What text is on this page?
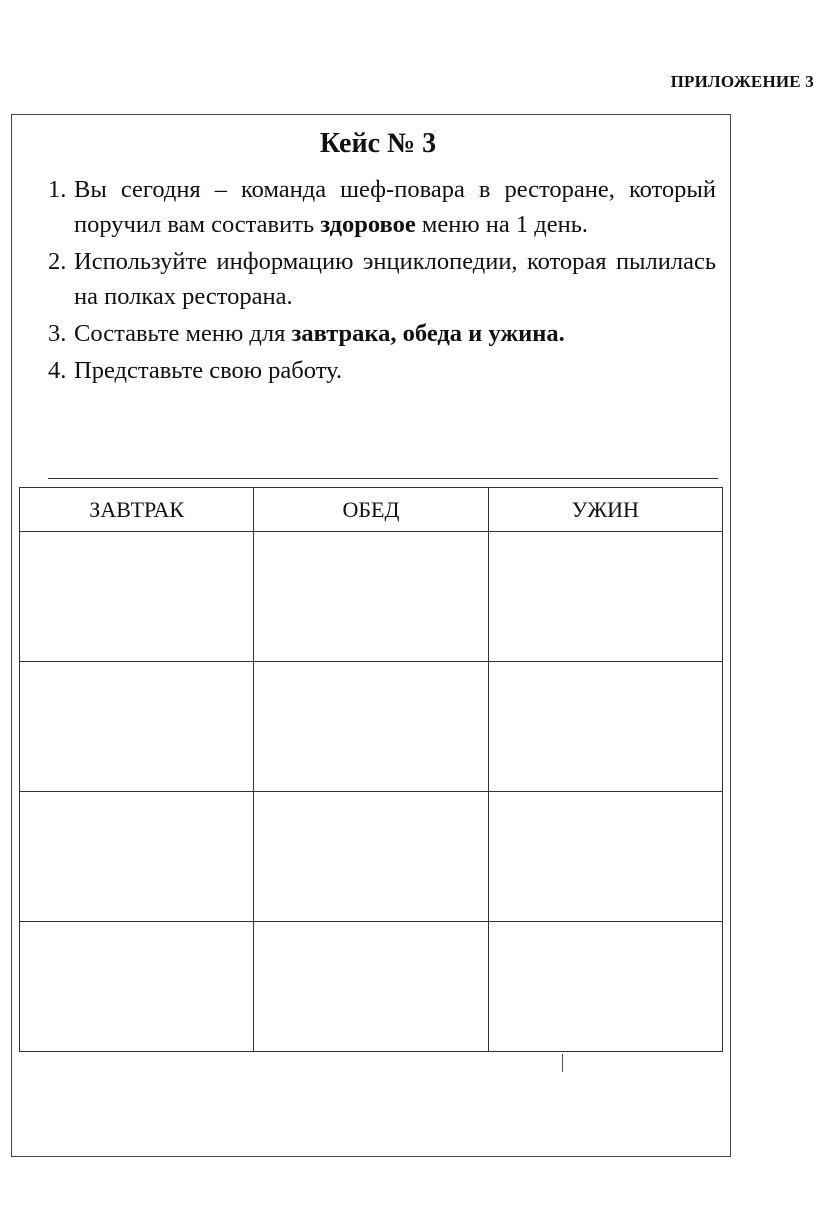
ПРИЛОЖЕНИЕ 3
Кейс № 3
1. Вы сегодня – команда шеф-повара в ресторане, который поручил вам составить здоровое меню на 1 день.
2. Используйте информацию энциклопедии, которая пылилась на полках ресторана.
3. Составьте меню для завтрака, обеда и ужина.
4. Представьте свою работу.
ЗАВТРАК	ОБЕД	УЖИН
